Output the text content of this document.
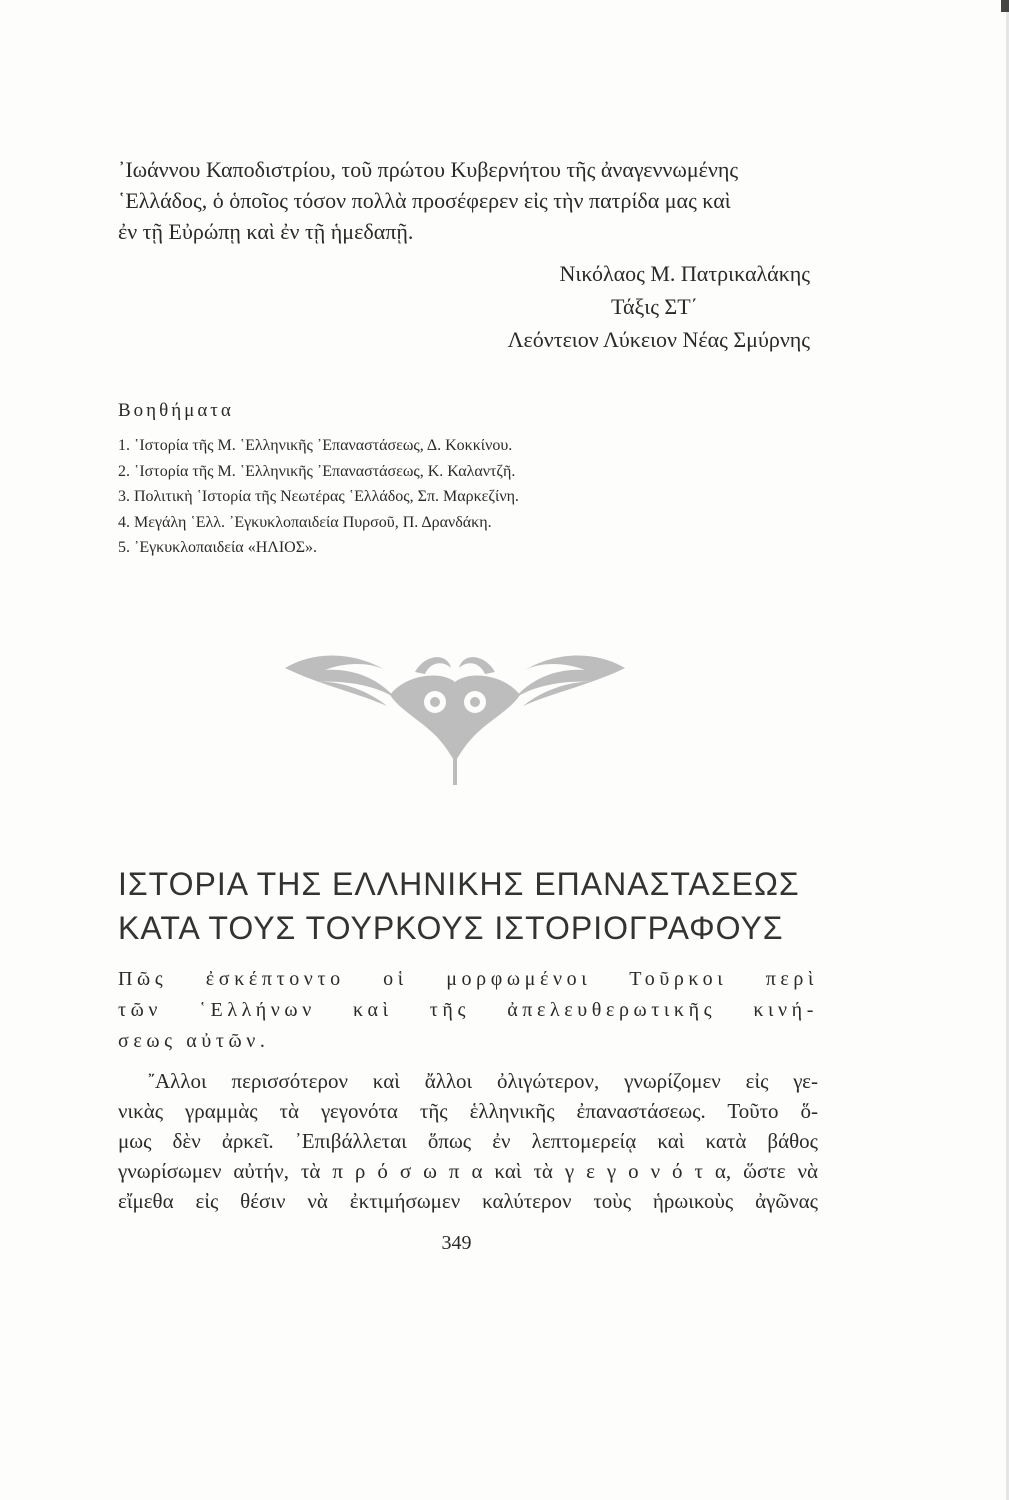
᾿Ιωάννου Καποδιστρίου, τοῦ πρώτου Κυβερνήτου τῆς ἀναγεννωμένης
῾Ελλάδος, ὁ ὁποῖος τόσον πολλὰ προσέφερεν εἰς τὴν πατρίδα μας καὶ
ἐν τῇ Εὐρώπῃ καὶ ἐν τῇ ἡμεδαπῇ.
Νικόλαος Μ. Πατρικαλάκης
Τάξις ΣΤ΄
Λεόντειον Λύκειον Νέας Σμύρνης
Βοηθήματα
1. ῾Ιστορία τῆς Μ. ῾Ελληνικῆς ᾿Επαναστάσεως, Δ. Κοκκίνου.
2. ῾Ιστορία τῆς Μ. ῾Ελληνικῆς ᾿Επαναστάσεως, Κ. Καλαντζῆ.
3. Πολιτικὴ ῾Ιστορία τῆς Νεωτέρας ῾Ελλάδος, Σπ. Μαρκεζίνη.
4. Μεγάλη ῾Ελλ. ᾿Εγκυκλοπαιδεία Πυρσοῦ, Π. Δρανδάκη.
5. ᾿Εγκυκλοπαιδεία «ΗΛΙΟΣ».
ΙΣΤΟΡΙΑ ΤΗΣ ΕΛΛΗΝΙΚΗΣ ΕΠΑΝΑΣΤΑΣΕΩΣ
ΚΑΤΑ ΤΟΥΣ ΤΟΥΡΚΟΥΣ ΙΣΤΟΡΙΟΓΡΑΦΟΥΣ
Πῶς ἐσκέπτοντο οἱ μορφωμένοι Τοῦρκοι περὶ
τῶν ῾Ελλήνων καὶ τῆς ἀπελευθερωτικῆς κινή-
σεως αὐτῶν.
῎Αλλοι περισσότερον καὶ ἄλλοι ὀλιγώτερον, γνωρίζομεν εἰς γε-
νικὰς γραμμὰς τὰ γεγονότα τῆς ἑλληνικῆς ἐπαναστάσεως. Τοῦτο ὅ-
μως δὲν ἀρκεῖ. ᾿Επιβάλλεται ὅπως ἐν λεπτομερείᾳ καὶ κατὰ βάθος
γνωρίσωμεν αὐτήν, τὰ π ρ ό σ ω π α καὶ τὰ γ ε γ ο ν ό τ α, ὥστε νὰ
εἴμεθα εἰς θέσιν νὰ ἐκτιμήσωμεν καλύτερον τοὺς ἡρωικοὺς ἀγῶνας
349
